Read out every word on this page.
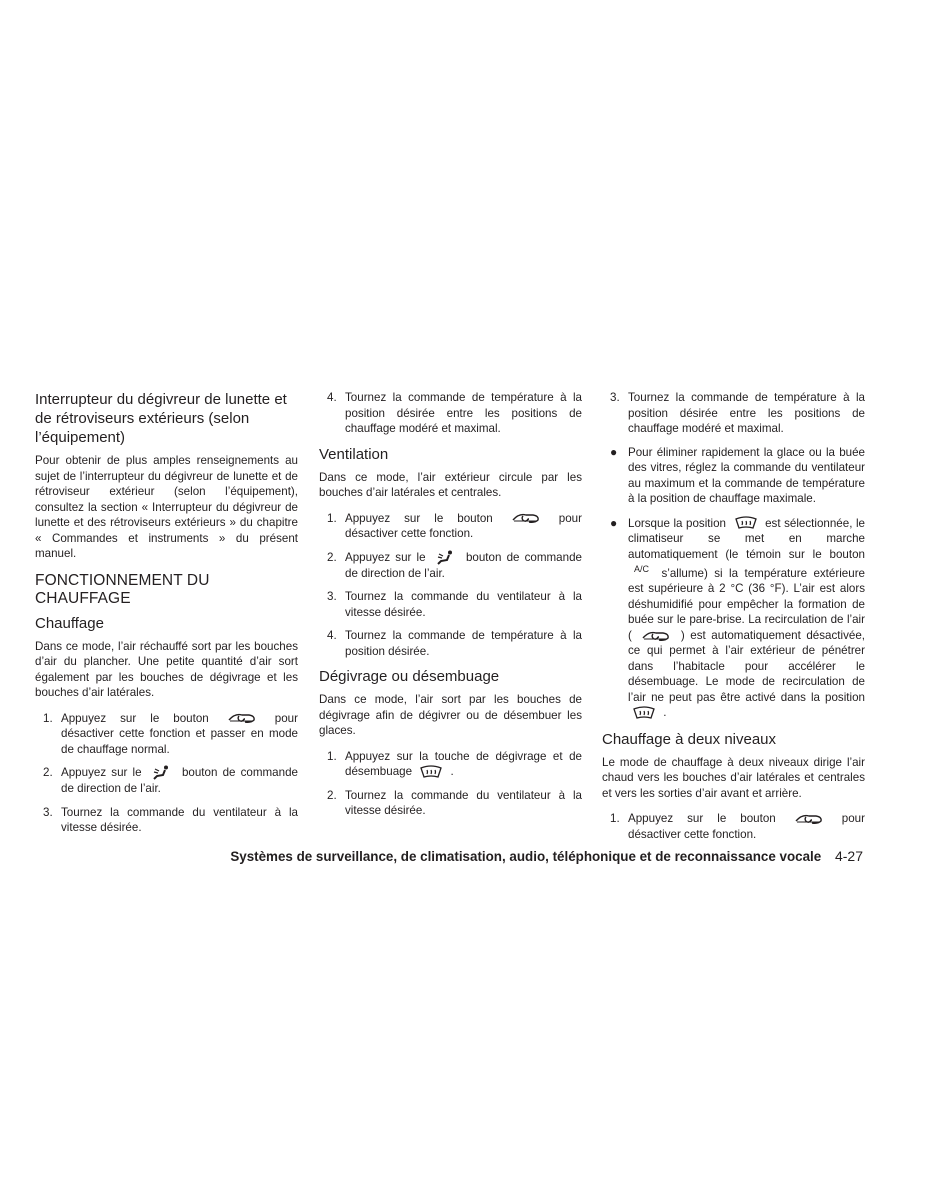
Interrupteur du dégivreur de lunette et de rétroviseurs extérieurs (selon l’équipement)

Pour obtenir de plus amples renseignements au sujet de l’interrupteur du dégivreur de lunette et de rétroviseur extérieur (selon l’équipement), consultez la section « Interrupteur du dégivreur de lunette et des rétroviseurs extérieurs » du chapitre « Commandes et instruments » du présent manuel.

FONCTIONNEMENT DU CHAUFFAGE
Chauffage

Dans ce mode, l’air réchauffé sort par les bouches d’air du plancher. Une petite quantité d’air sort également par les bouches de dégivrage et les bouches d’air latérales.

1. Appuyez sur le bouton	pour désactiver cette fonction et passer en mode de chauffage normal.
2. Appuyez sur le	bouton de commande de direction de l’air.
3. Tournez la commande du ventilateur à la vitesse désirée.
4. Tournez la commande de température à la position désirée entre les positions de chauffage modéré et maximal.
Ventilation

Dans ce mode, l’air extérieur circule par les bouches d’air latérales et centrales.

1. Appuyez sur le bouton	pour désactiver cette fonction.
2. Appuyez sur le	bouton de commande de direction de l’air.
3. Tournez la commande du ventilateur à la vitesse désirée.
4. Tournez la commande de température à la position désirée.
Dégivrage ou désembuage

Dans ce mode, l’air sort par les bouches de dégivrage afin de dégivrer ou de désembuer les glaces.

1. Appuyez sur la touche de dégivrage et de désembuage	.
2. Tournez la commande du ventilateur à la vitesse désirée.
3. Tournez la commande de température à la position désirée entre les positions de chauffage modéré et maximal.
● Pour éliminer rapidement la glace ou la buée des vitres, réglez la commande du ventilateur au maximum et la commande de température à la position de chauffage maximale.
● Lorsque la position	est sélectionnée, le climatiseur se met en marche automatiquement (le témoin sur le bouton $^{A/C}$ s’allume) si la température extérieure est supérieure à 2 °C (36 °F). L’air est alors déshumidifié pour empêcher la formation de buée sur le pare-brise. La recirculation de l’air (	) est automatiquement désactivée, ce qui permet à l’air extérieur de pénétrer dans l’habitacle pour accélérer le désembuage. Le mode de recirculation de l’air ne peut pas être activé dans la position
.
Chauffage à deux niveaux

Le mode de chauffage à deux niveaux dirige l’air chaud vers les bouches d’air latérales et centrales et vers les sorties d’air avant et arrière.

1. Appuyez sur le bouton	pour désactiver cette fonction.
Systèmes de surveillance, de climatisation, audio, téléphonique et de reconnaissance vocale 4-27
